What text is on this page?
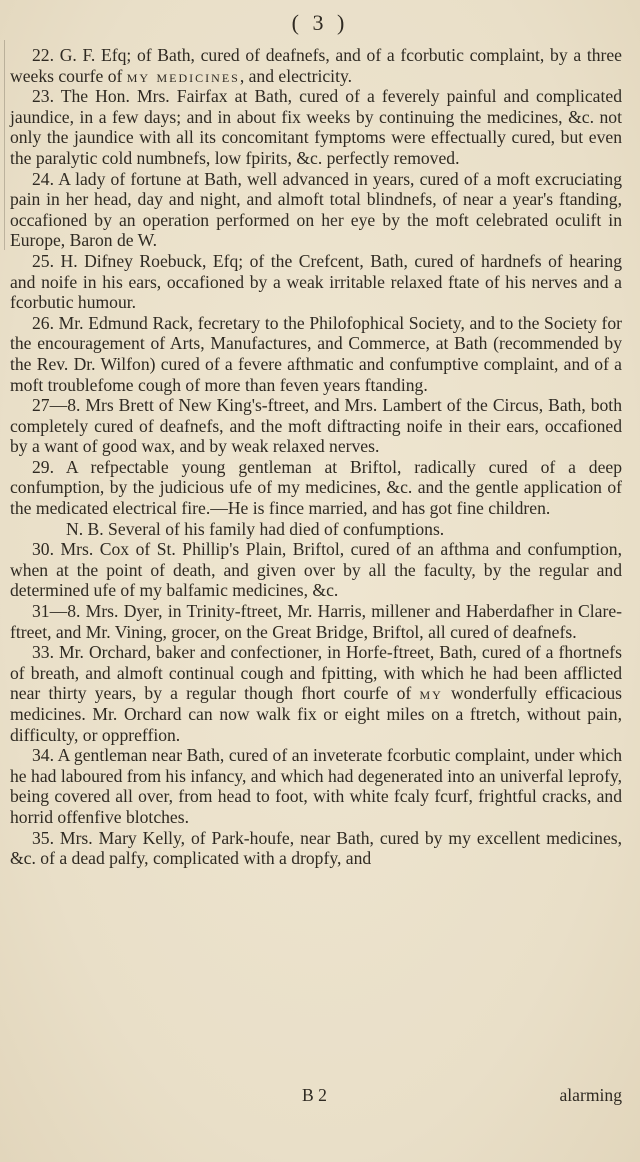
( 3 )

22. G. F. Efq; of Bath, cured of deafnefs, and of a fcorbutic complaint, by a three weeks courfe of my medicines, and electricity.

23. The Hon. Mrs. Fairfax at Bath, cured of a feverely painful and complicated jaundice, in a few days; and in about fix weeks by continuing the medicines, &c. not only the jaundice with all its concomitant fymptoms were effectually cured, but even the paralytic cold numbnefs, low fpirits, &c. perfectly removed.

24. A lady of fortune at Bath, well advanced in years, cured of a moft excruciating pain in her head, day and night, and almoft total blindnefs, of near a year's ftanding, occafioned by an operation performed on her eye by the moft celebrated oculift in Europe, Baron de W.

25. H. Difney Roebuck, Efq; of the Crefcent, Bath, cured of hardnefs of hearing and noife in his ears, occafioned by a weak irritable relaxed ftate of his nerves and a fcorbutic humour.

26. Mr. Edmund Rack, fecretary to the Philofophical Society, and to the Society for the encouragement of Arts, Manufactures, and Commerce, at Bath (recommended by the Rev. Dr. Wilfon) cured of a fevere afthmatic and confumptive complaint, and of a moft troublefome cough of more than feven years ftanding.

27—8. Mrs Brett of New King's-ftreet, and Mrs. Lambert of the Circus, Bath, both completely cured of deafnefs, and the moft diftracting noife in their ears, occafioned by a want of good wax, and by weak relaxed nerves.

29. A refpectable young gentleman at Briftol, radically cured of a deep confumption, by the judicious ufe of my medicines, &c. and the gentle application of the medicated electrical fire.—He is fince married, and has got fine children.

N. B. Several of his family had died of confumptions.

30. Mrs. Cox of St. Phillip's Plain, Briftol, cured of an afthma and confumption, when at the point of death, and given over by all the faculty, by the regular and determined ufe of my balfamic medicines, &c.

31—8. Mrs. Dyer, in Trinity-ftreet, Mr. Harris, millener and Haberdafher in Clare-ftreet, and Mr. Vining, grocer, on the Great Bridge, Briftol, all cured of deafnefs.

33. Mr. Orchard, baker and confectioner, in Horfe-ftreet, Bath, cured of a fhortnefs of breath, and almoft continual cough and fpitting, with which he had been afflicted near thirty years, by a regular though fhort courfe of my wonderfully efficacious medicines. Mr. Orchard can now walk fix or eight miles on a ftretch, without pain, difficulty, or oppreffion.

34. A gentleman near Bath, cured of an inveterate fcorbutic complaint, under which he had laboured from his infancy, and which had degenerated into an univerfal leprofy, being covered all over, from head to foot, with white fcaly fcurf, frightful cracks, and horrid offenfive blotches.

35. Mrs. Mary Kelly, of Park-houfe, near Bath, cured by my excellent medicines, &c. of a dead palfy, complicated with a dropfy, and

B 2	alarming
